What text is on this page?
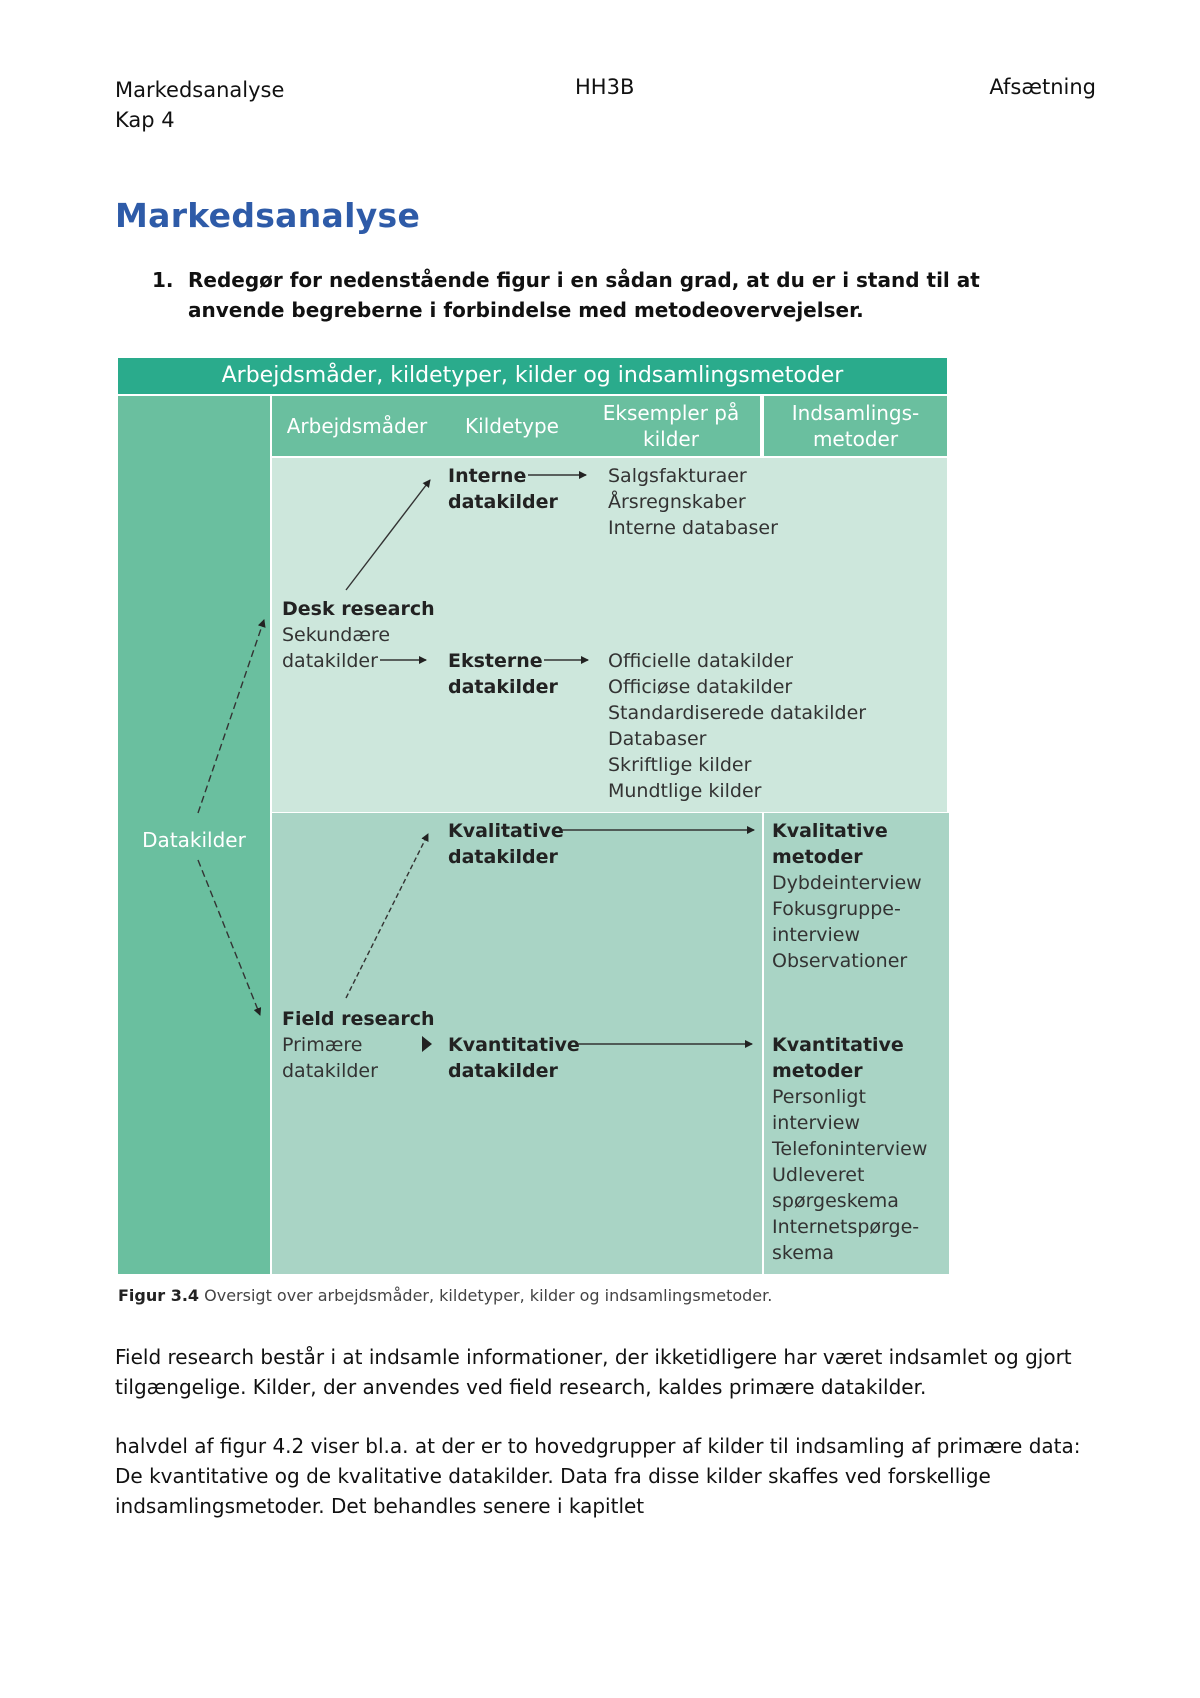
Markedsanalyse
Kap 4
HH3B	Afsætning
Markedsanalyse
1. Redegør for nedenstående figur i en sådan grad, at du er i stand til at anvende begreberne i forbindelse med metodeovervejelser.
Arbejdsmåder, kildetyper, kilder og indsamlingsmetoder
Datakilder
Arbejdsmåder	Kildetype
Eksempler på kilder
Indsamlings-metoder
Desk research
Sekundære
datakilder
Interne
datakilder
Salgsfakturaer
Årsregnskaber
Interne databaser
Eksterne
datakilder
Officielle datakilder
Officiøse datakilder
Standardiserede datakilder
Databaser
Skriftlige kilder
Mundtlige kilder
Kvalitative
datakilder
Kvalitative
metoder
Dybdeinterview
Fokusgruppe-
interview
Observationer
Field research
Primære
datakilder
Kvantitative
datakilder
Kvantitative
metoder
Personligt
interview
Telefoninterview
Udleveret
spørgeskema
Internetspørge-
skema
Figur 3.4 Oversigt over arbejdsmåder, kildetyper, kilder og indsamlingsmetoder.
Field research består i at indsamle informationer, der ikketidligere har været indsamlet og gjort tilgængelige. Kilder, der anvendes ved field research, kaldes primære datakilder.
halvdel af figur 4.2 viser bl.a. at der er to hovedgrupper af kilder til indsamling af primære data: De kvantitative og de kvalitative datakilder. Data fra disse kilder skaffes ved forskellige indsamlingsmetoder. Det behandles senere i kapitlet
